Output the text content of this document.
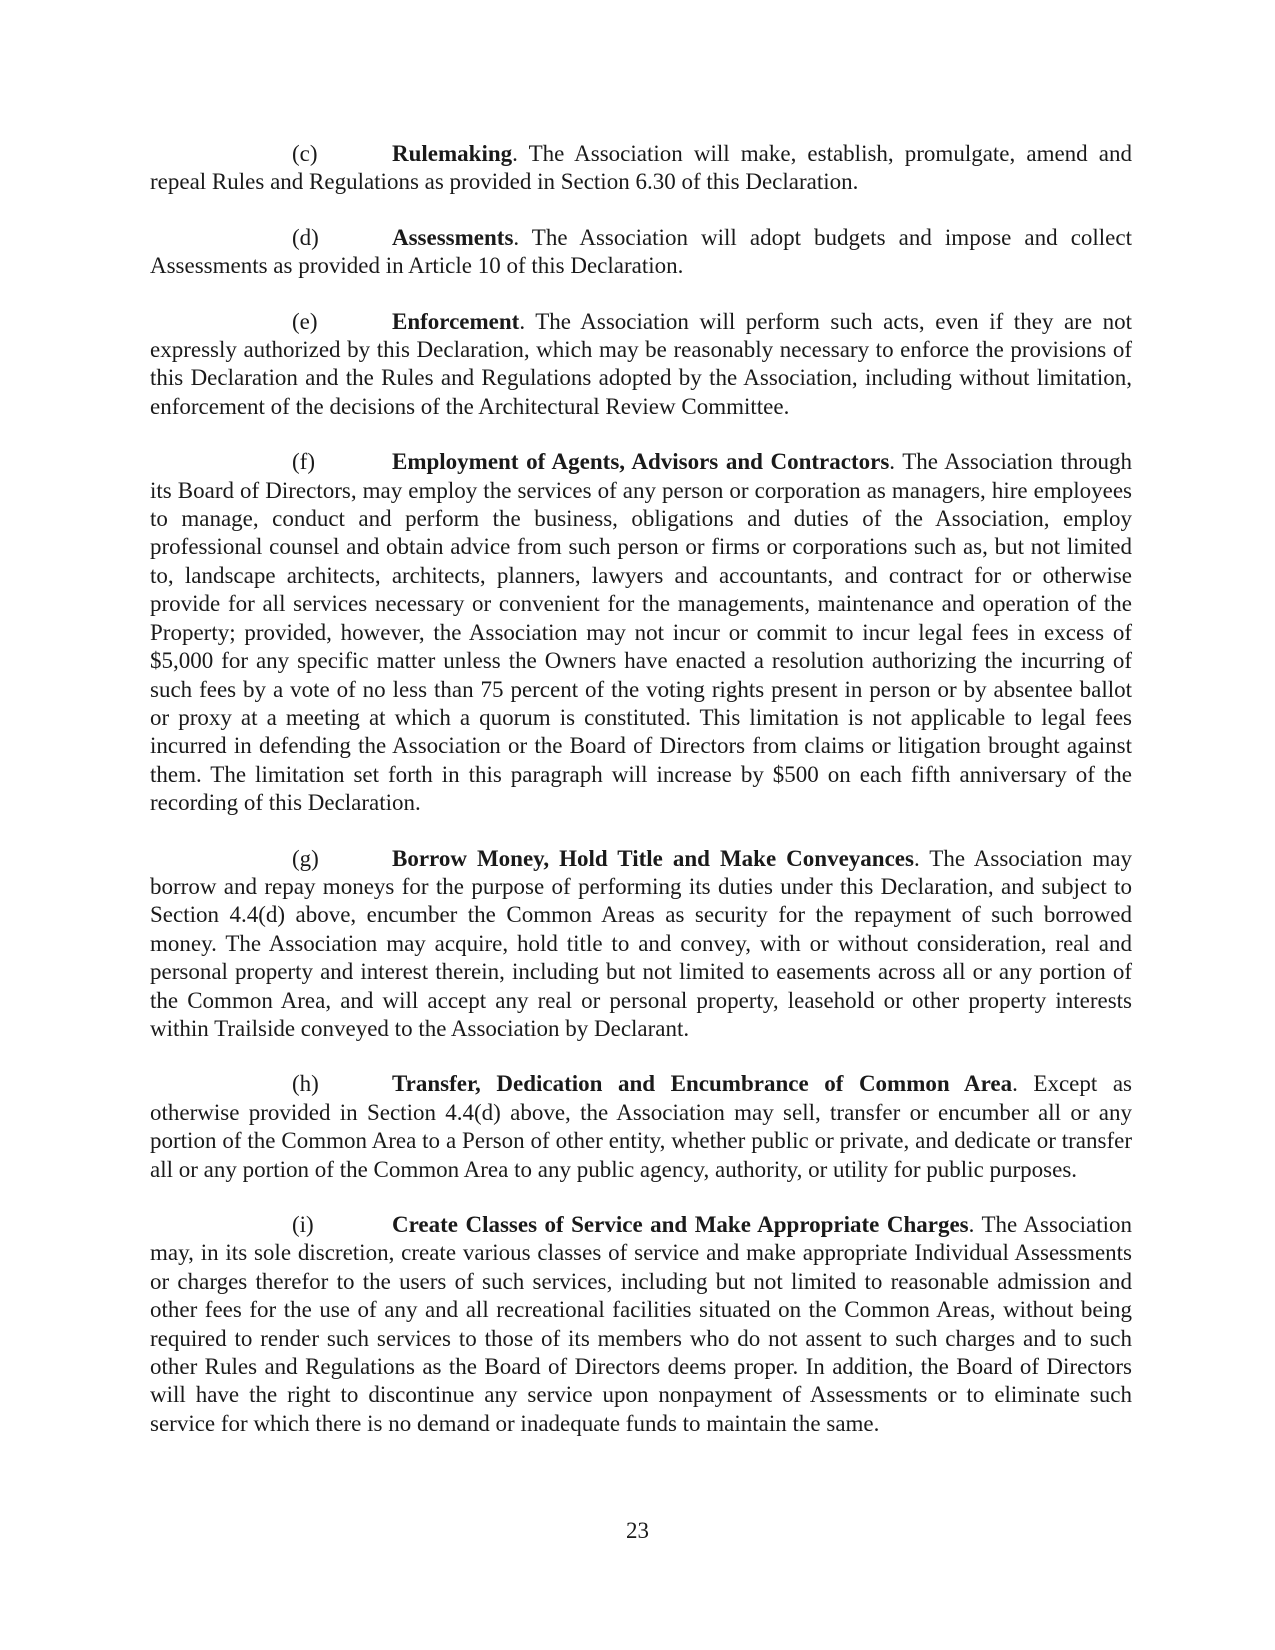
(c)	Rulemaking. The Association will make, establish, promulgate, amend and repeal Rules and Regulations as provided in Section 6.30 of this Declaration.

(d)	Assessments. The Association will adopt budgets and impose and collect Assessments as provided in Article 10 of this Declaration.

(e)	Enforcement. The Association will perform such acts, even if they are not expressly authorized by this Declaration, which may be reasonably necessary to enforce the provisions of this Declaration and the Rules and Regulations adopted by the Association, including without limitation, enforcement of the decisions of the Architectural Review Committee.

(f)	Employment of Agents, Advisors and Contractors. The Association through its Board of Directors, may employ the services of any person or corporation as managers, hire employees to manage, conduct and perform the business, obligations and duties of the Association, employ professional counsel and obtain advice from such person or firms or corporations such as, but not limited to, landscape architects, architects, planners, lawyers and accountants, and contract for or otherwise provide for all services necessary or convenient for the managements, maintenance and operation of the Property; provided, however, the Association may not incur or commit to incur legal fees in excess of $5,000 for any specific matter unless the Owners have enacted a resolution authorizing the incurring of such fees by a vote of no less than 75 percent of the voting rights present in person or by absentee ballot or proxy at a meeting at which a quorum is constituted. This limitation is not applicable to legal fees incurred in defending the Association or the Board of Directors from claims or litigation brought against them. The limitation set forth in this paragraph will increase by $500 on each fifth anniversary of the recording of this Declaration.

(g)	Borrow Money, Hold Title and Make Conveyances. The Association may borrow and repay moneys for the purpose of performing its duties under this Declaration, and subject to Section 4.4(d) above, encumber the Common Areas as security for the repayment of such borrowed money. The Association may acquire, hold title to and convey, with or without consideration, real and personal property and interest therein, including but not limited to easements across all or any portion of the Common Area, and will accept any real or personal property, leasehold or other property interests within Trailside conveyed to the Association by Declarant.

(h)	Transfer, Dedication and Encumbrance of Common Area. Except as otherwise provided in Section 4.4(d) above, the Association may sell, transfer or encumber all or any portion of the Common Area to a Person of other entity, whether public or private, and dedicate or transfer all or any portion of the Common Area to any public agency, authority, or utility for public purposes.

(i)	Create Classes of Service and Make Appropriate Charges. The Association may, in its sole discretion, create various classes of service and make appropriate Individual Assessments or charges therefor to the users of such services, including but not limited to reasonable admission and other fees for the use of any and all recreational facilities situated on the Common Areas, without being required to render such services to those of its members who do not assent to such charges and to such other Rules and Regulations as the Board of Directors deems proper. In addition, the Board of Directors will have the right to discontinue any service upon nonpayment of Assessments or to eliminate such service for which there is no demand or inadequate funds to maintain the same.

23
